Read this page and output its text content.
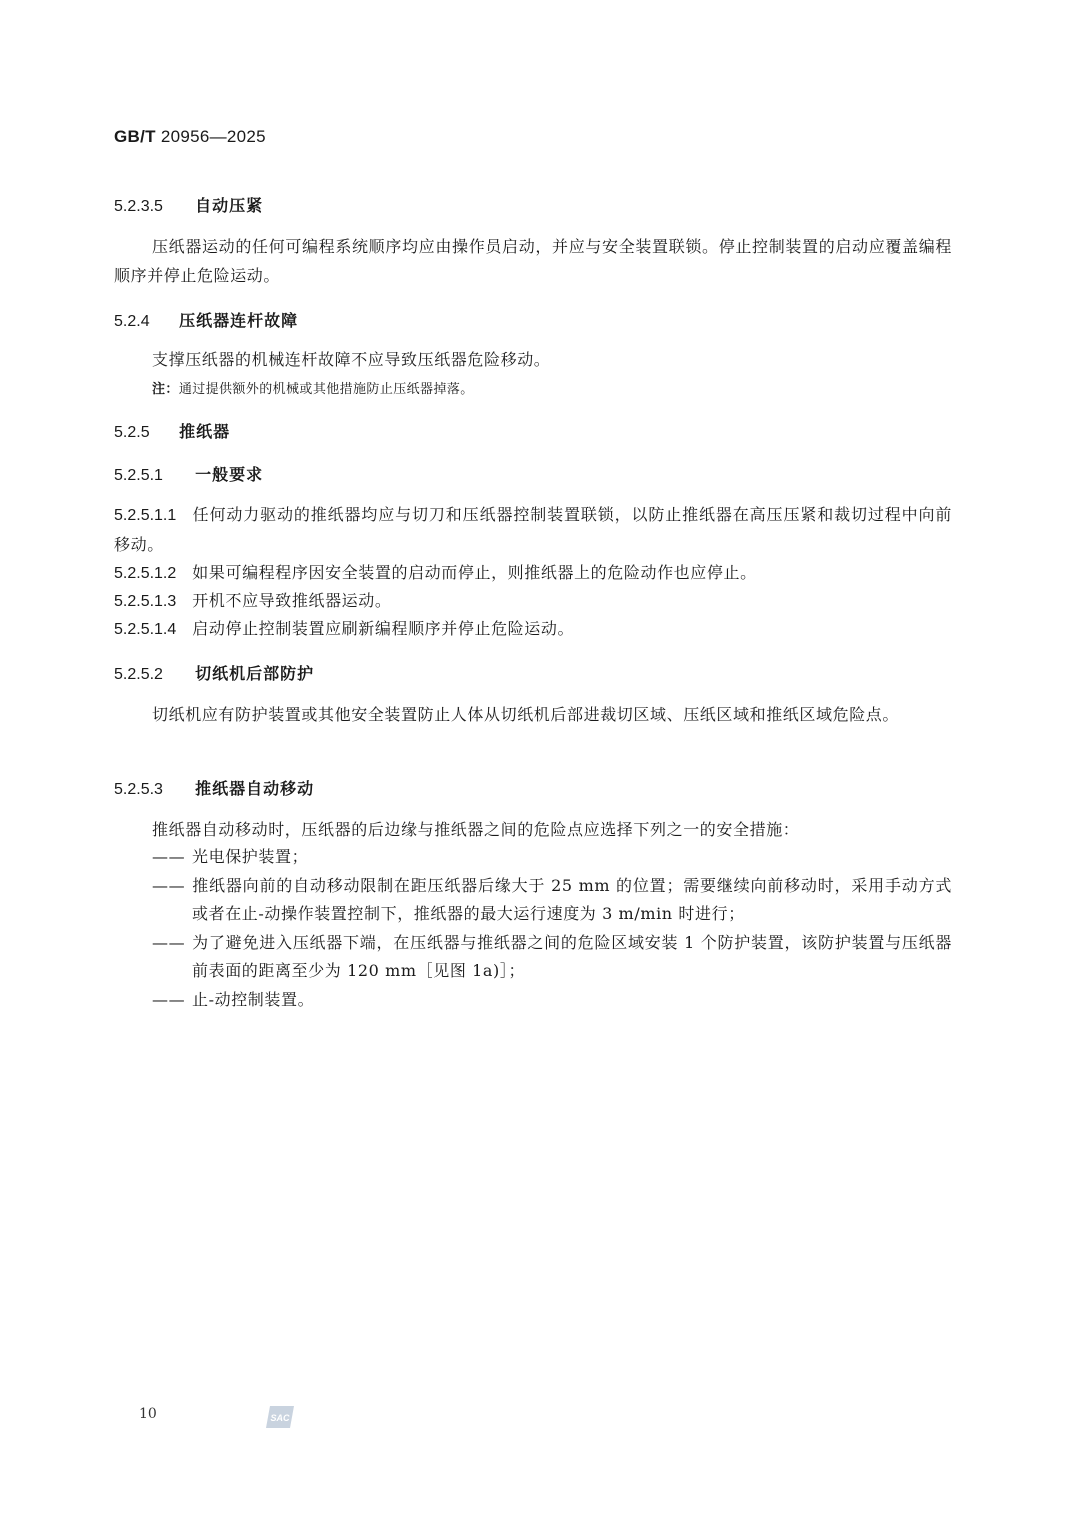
GB/T 20956—2025
5.2.3.5 自动压紧
压纸器运动的任何可编程系统顺序均应由操作员启动，并应与安全装置联锁。停止控制装置的启动应覆盖编程顺序并停止危险运动。
5.2.4 压纸器连杆故障
支撑压纸器的机械连杆故障不应导致压纸器危险移动。
注：通过提供额外的机械或其他措施防止压纸器掉落。
5.2.5 推纸器
5.2.5.1 一般要求
5.2.5.1.1 任何动力驱动的推纸器均应与切刀和压纸器控制装置联锁，以防止推纸器在高压压紧和裁切过程中向前移动。
5.2.5.1.2 如果可编程程序因安全装置的启动而停止，则推纸器上的危险动作也应停止。
5.2.5.1.3 开机不应导致推纸器运动。
5.2.5.1.4 启动停止控制装置应刷新编程顺序并停止危险运动。
5.2.5.2 切纸机后部防护
切纸机应有防护装置或其他安全装置防止人体从切纸机后部进裁切区域、压纸区域和推纸区域危险点。
5.2.5.3 推纸器自动移动
推纸器自动移动时，压纸器的后边缘与推纸器之间的危险点应选择下列之一的安全措施：
—— 光电保护装置；
—— 推纸器向前的自动移动限制在距压纸器后缘大于 25 mm 的位置；需要继续向前移动时，采用手动方式或者在止-动操作装置控制下，推纸器的最大运行速度为 3 m/min 时进行；
—— 为了避免进入压纸器下端，在压纸器与推纸器之间的危险区域安装 1 个防护装置，该防护装置与压纸器前表面的距离至少为 120 mm［见图 1a)］；
—— 止-动控制装置。
10	SAC
